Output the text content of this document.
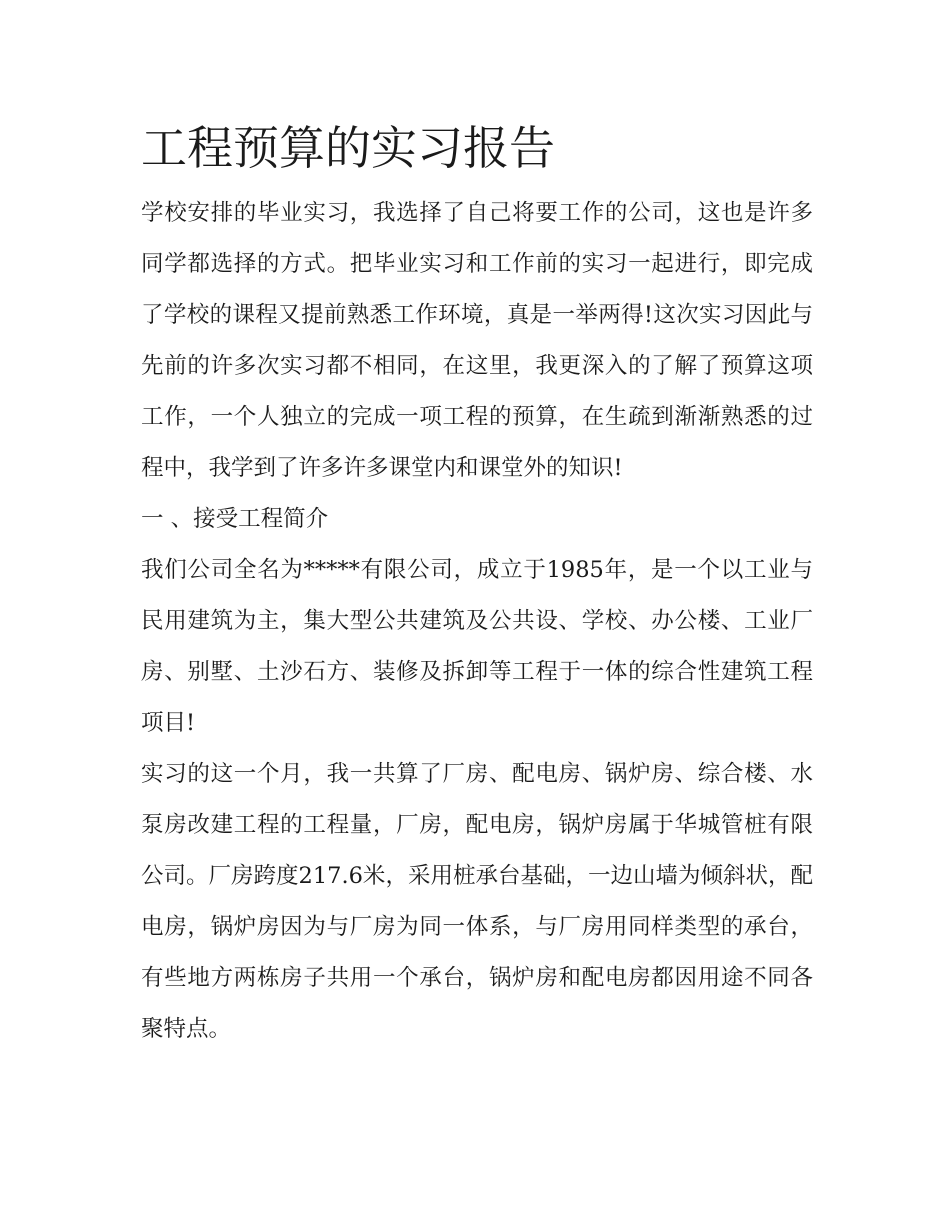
工程预算的实习报告

学校安排的毕业实习，我选择了自己将要工作的公司，这也是许多同学都选择的方式。把毕业实习和工作前的实习一起进行，即完成了学校的课程又提前熟悉工作环境，真是一举两得!这次实习因此与先前的许多次实习都不相同，在这里，我更深入的了解了预算这项工作，一个人独立的完成一项工程的预算，在生疏到渐渐熟悉的过程中，我学到了许多许多课堂内和课堂外的知识!

一 、接受工程简介

我们公司全名为*****有限公司，成立于1985年，是一个以工业与民用建筑为主，集大型公共建筑及公共设、学校、办公楼、工业厂房、别墅、土沙石方、装修及拆卸等工程于一体的综合性建筑工程项目!

实习的这一个月，我一共算了厂房、配电房、锅炉房、综合楼、水泵房改建工程的工程量，厂房，配电房，锅炉房属于华城管桩有限公司。厂房跨度217.6米，采用桩承台基础，一边山墙为倾斜状，配电房，锅炉房因为与厂房为同一体系，与厂房用同样类型的承台，有些地方两栋房子共用一个承台，锅炉房和配电房都因用途不同各聚特点。
